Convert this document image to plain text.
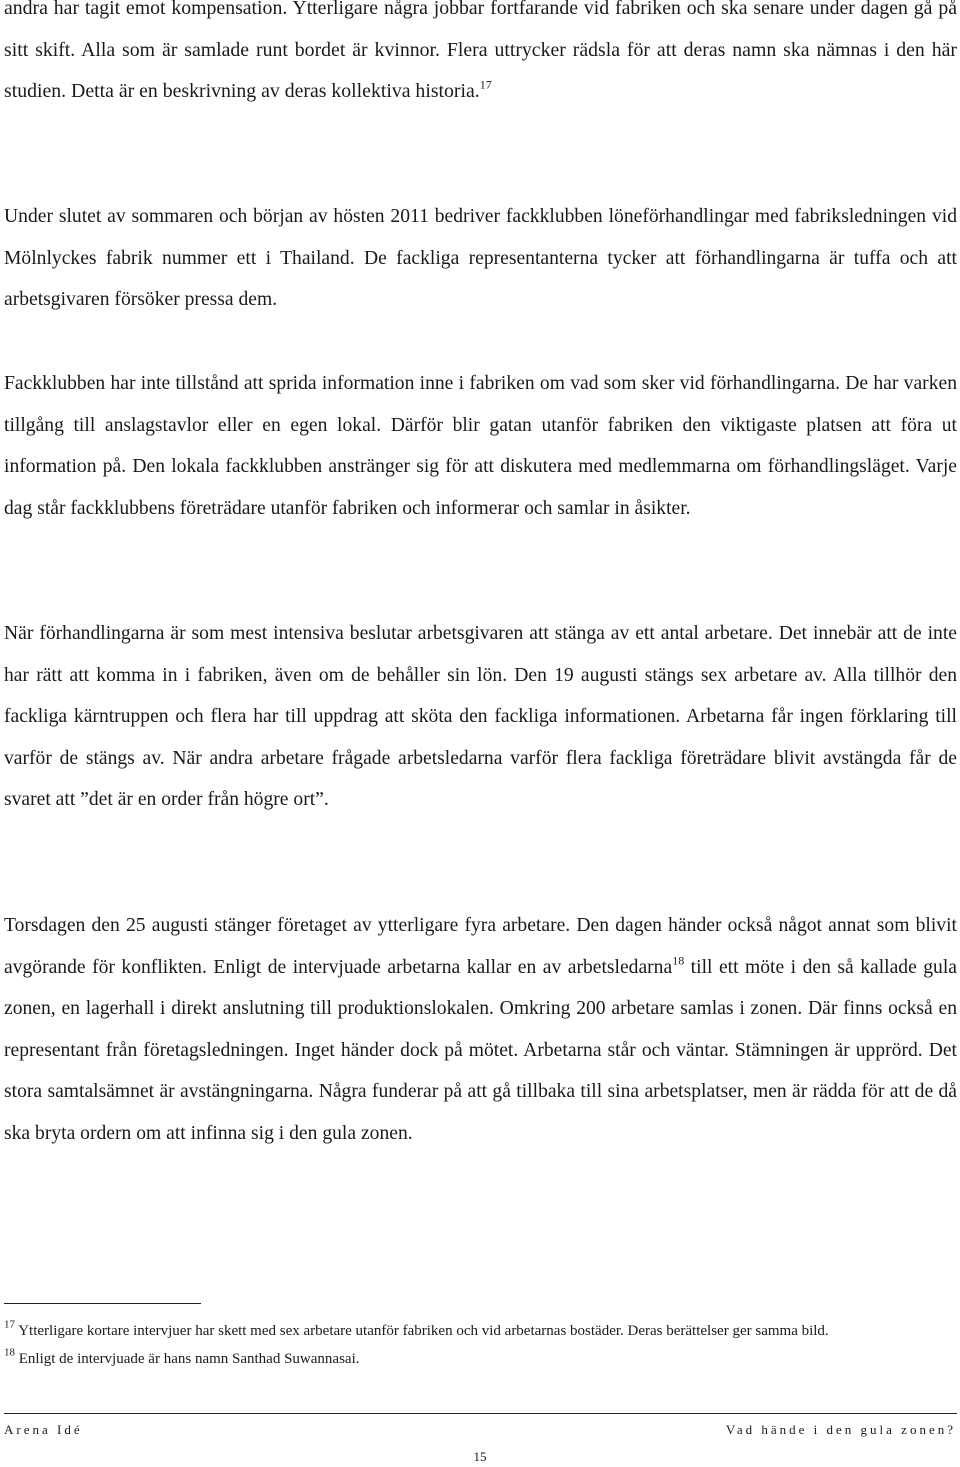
andra har tagit emot kompensation. Ytterligare några jobbar fortfarande vid fabriken och ska senare under dagen gå på sitt skift. Alla som är samlade runt bordet är kvinnor. Flera uttrycker rädsla för att deras namn ska nämnas i den här studien. Detta är en beskrivning av deras kollektiva historia.$^{17}$

Under slutet av sommaren och början av hösten 2011 bedriver fackklubben löneförhandlingar med fabriksledningen vid Mölnlyckes fabrik nummer ett i Thailand. De fackliga representanterna tycker att förhandlingarna är tuffa och att arbetsgivaren försöker pressa dem.

Fackklubben har inte tillstånd att sprida information inne i fabriken om vad som sker vid förhandlingarna. De har varken tillgång till anslagstavlor eller en egen lokal. Därför blir gatan utanför fabriken den viktigaste platsen att föra ut information på. Den lokala fackklubben anstränger sig för att diskutera med medlemmarna om förhandlingsläget. Varje dag står fackklubbens företrädare utanför fabriken och informerar och samlar in åsikter.

När förhandlingarna är som mest intensiva beslutar arbetsgivaren att stänga av ett antal arbetare. Det innebär att de inte har rätt att komma in i fabriken, även om de behåller sin lön. Den 19 augusti stängs sex arbetare av. Alla tillhör den fackliga kärntruppen och flera har till uppdrag att sköta den fackliga informationen. Arbetarna får ingen förklaring till varför de stängs av. När andra arbetare frågade arbetsledarna varför flera fackliga företrädare blivit avstängda får de svaret att ”det är en order från högre ort”.

Torsdagen den 25 augusti stänger företaget av ytterligare fyra arbetare. Den dagen händer också något annat som blivit avgörande för konflikten. Enligt de intervjuade arbetarna kallar en av arbetsledarna$^{18}$ till ett möte i den så kallade gula zonen, en lagerhall i direkt anslutning till produktionslokalen. Omkring 200 arbetare samlas i zonen. Där finns också en representant från företagsledningen. Inget händer dock på mötet. Arbetarna står och väntar. Stämningen är upprörd. Det stora samtalsämnet är avstängningarna. Några funderar på att gå tillbaka till sina arbetsplatser, men är rädda för att de då ska bryta ordern om att infinna sig i den gula zonen.

$^{17}$ Ytterligare kortare intervjuer har skett med sex arbetare utanför fabriken och vid arbetarnas bostäder. Deras berättelser ger samma bild.

$^{18}$ Enligt de intervjuade är hans namn Santhad Suwannasai.

Arena Idé	Vad hände i den gula zonen?
15
